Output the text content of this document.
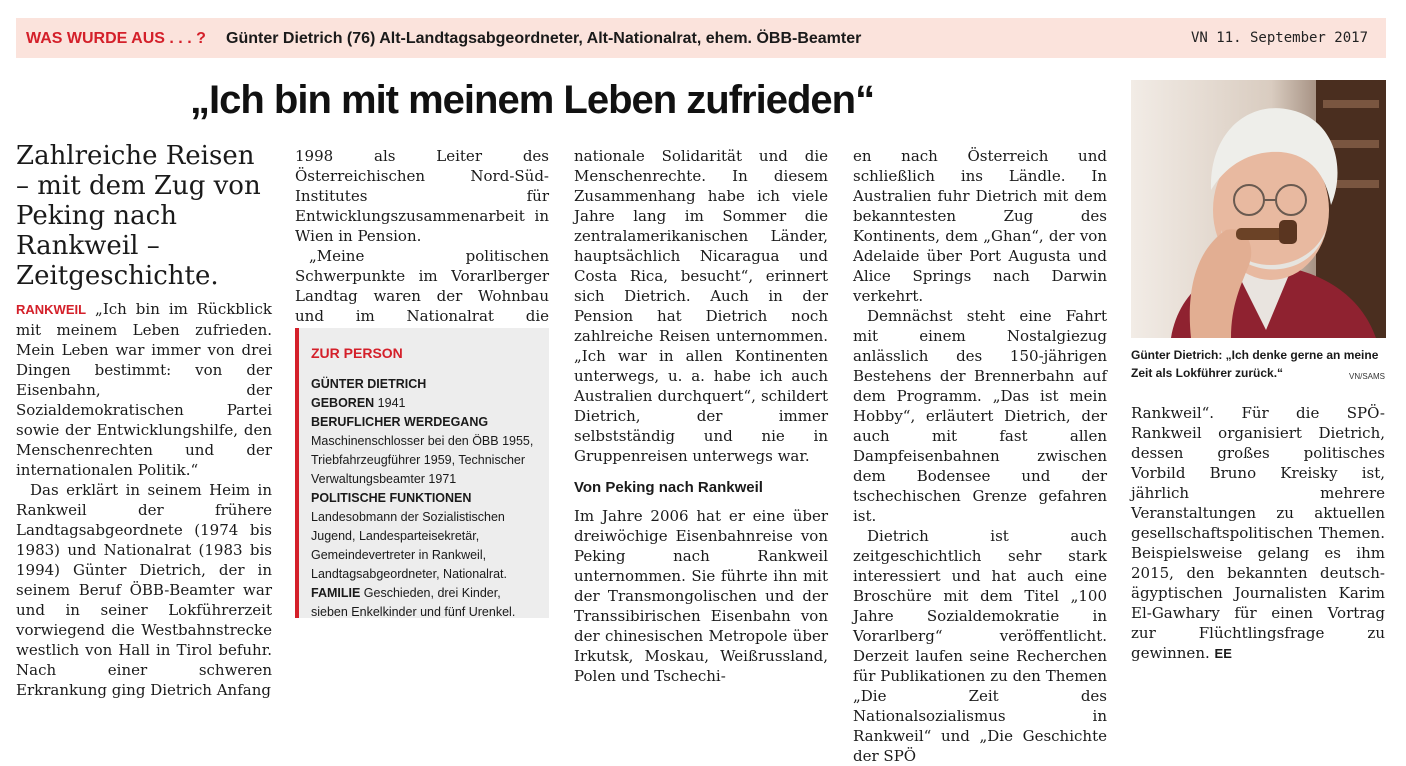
WAS WURDE AUS . . . ? Günter Dietrich (76) Alt-Landtagsabgeordneter, Alt-Nationalrat, ehem. ÖBB-Beamter	VN 11. September 2017
„Ich bin mit meinem Leben zufrieden“
Zahlreiche Reisen – mit dem Zug von Peking nach Rankweil – Zeitgeschichte.

RANKWEIL „Ich bin im Rückblick mit meinem Leben zufrieden. Mein Leben war immer von drei Dingen bestimmt: von der Eisenbahn, der Sozialdemokratischen Partei sowie der Entwicklungshilfe, den Menschenrechten und der internationalen Politik.“

Das erklärt in seinem Heim in Rankweil der frühere Landtagsabgeordnete (1974 bis 1983) und Nationalrat (1983 bis 1994) Günter Dietrich, der in seinem Beruf ÖBB-Beamter war und in seiner Lokführerzeit vorwiegend die Westbahnstrecke westlich von Hall in Tirol befuhr. Nach einer schweren Erkrankung ging Dietrich Anfang

1998 als Leiter des Österreichischen Nord-Süd-Institutes für Entwicklungszusammenarbeit in Wien in Pension.

„Meine politischen Schwerpunkte im Vorarlberger Landtag waren der Wohnbau und im Nationalrat die

ZUR PERSON
GÜNTER DIETRICH
GEBOREN 1941
BERUFLICHER WERDEGANG Maschinenschlosser bei den ÖBB 1955, Triebfahrzeugführer 1959, Technischer Verwaltungsbeamter 1971
POLITISCHE FUNKTIONEN Landesobmann der Sozialistischen Jugend, Landesparteisekretär, Gemeindevertreter in Rankweil, Landtagsabgeordneter, Nationalrat.
FAMILIE Geschieden, drei Kinder, sieben Enkelkinder und fünf Urenkel.

nationale Solidarität und die Menschenrechte. In diesem Zusammenhang habe ich viele Jahre lang im Sommer die zentralamerikanischen Länder, hauptsächlich Nicaragua und Costa Rica, besucht“, erinnert sich Dietrich. Auch in der Pension hat Dietrich noch zahlreiche Reisen unternommen. „Ich war in allen Kontinenten unterwegs, u. a. habe ich auch Australien durchquert“, schildert Dietrich, der immer selbstständig und nie in Gruppenreisen unterwegs war.

Von Peking nach Rankweil

Im Jahre 2006 hat er eine über dreiwöchige Eisenbahnreise von Peking nach Rankweil unternommen. Sie führte ihn mit der Transmongolischen und der Transsibirischen Eisenbahn von der chinesischen Metropole über Irkutsk, Moskau, Weißrussland, Polen und Tschechi-

en nach Österreich und schließlich ins Ländle. In Australien fuhr Dietrich mit dem bekanntesten Zug des Kontinents, dem „Ghan“, der von Adelaide über Port Augusta und Alice Springs nach Darwin verkehrt.

Demnächst steht eine Fahrt mit einem Nostalgiezug anlässlich des 150-jährigen Bestehens der Brennerbahn auf dem Programm. „Das ist mein Hobby“, erläutert Dietrich, der auch mit fast allen Dampfeisenbahnen zwischen dem Bodensee und der tschechischen Grenze gefahren ist.

Dietrich ist auch zeitgeschichtlich sehr stark interessiert und hat auch eine Broschüre mit dem Titel „100 Jahre Sozialdemokratie in Vorarlberg“ veröffentlicht. Derzeit laufen seine Recherchen für Publikationen zu den Themen „Die Zeit des Nationalsozialismus in Rankweil“ und „Die Geschichte der SPÖ

Günter Dietrich: „Ich denke gerne an meine Zeit als Lokführer zurück.“	VN/SAMS

Rankweil“. Für die SPÖ-Rankweil organisiert Dietrich, dessen großes politisches Vorbild Bruno Kreisky ist, jährlich mehrere Veranstaltungen zu aktuellen gesellschaftspolitischen Themen. Beispielsweise gelang es ihm 2015, den bekannten deutsch-ägyptischen Journalisten Karim El-Gawhary für einen Vortrag zur Flüchtlingsfrage zu gewinnen. EE
